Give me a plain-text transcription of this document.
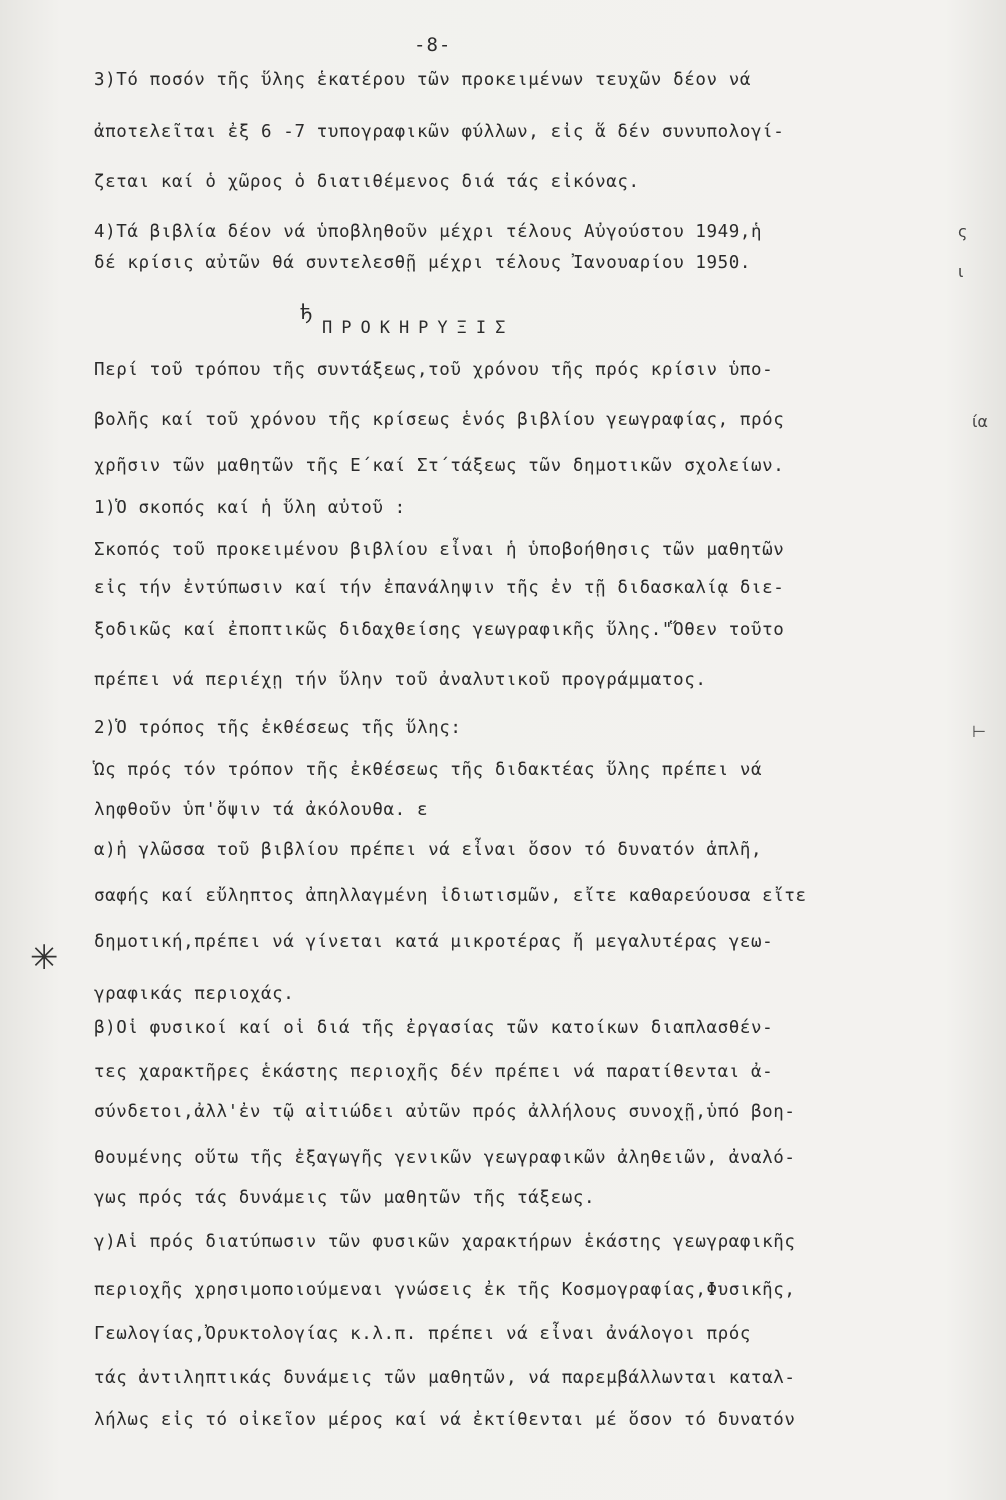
-8-
3)Τό ποσόν τῆς ὕλης ἑκατέρου τῶν προκειμένων τευχῶν δέον νά
ἀποτελεῖται ἐξ 6 -7 τυπογραφικῶν φύλλων, εἰς ἅ δέν συνυπολογί-
ζεται καί ὁ χῶρος ὁ διατιθέμενος διά τάς εἰκόνας.
4)Τά βιβλία δέον νά ὑποβληθοῦν μέχρι τέλους Αὐγούστου 1949,ἡ
δέ κρίσις αὐτῶν θά συντελεσθῇ μέχρι τέλους Ἰανουαρίου 1950.
ђ
ΠΡΟΚΗΡΥΞΙΣ
Περί τοῦ τρόπου τῆς συντάξεως,τοῦ χρόνου τῆς πρός κρίσιν ὑπο-
βολῆς καί τοῦ χρόνου τῆς κρίσεως ἑνός βιβλίου γεωγραφίας, πρός
χρῆσιν τῶν μαθητῶν τῆς Ε΄καί Στ΄τάξεως τῶν δημοτικῶν σχολείων.
1)Ὁ σκοπός καί ἡ ὕλη αὐτοῦ :
Σκοπός τοῦ προκειμένου βιβλίου εἶναι ἡ ὑποβοήθησις τῶν μαθητῶν
εἰς τήν ἐντύπωσιν καί τήν ἐπανάληψιν τῆς ἐν τῇ διδασκαλίᾳ διε-
ξοδικῶς καί ἐποπτικῶς διδαχθείσης γεωγραφικῆς ὕλης."Ὅθεν τοῦτο
πρέπει νά περιέχῃ τήν ὕλην τοῦ ἀναλυτικοῦ προγράμματος.
2)Ὁ τρόπος τῆς ἐκθέσεως τῆς ὕλης:
Ὡς πρός τόν τρόπον τῆς ἐκθέσεως τῆς διδακτέας ὕλης πρέπει νά
ληφθοῦν ὑπ'ὄψιν τά ἀκόλουθα. ε
α)ἡ γλῶσσα τοῦ βιβλίου πρέπει νά εἶναι ὅσον τό δυνατόν ἁπλῆ,
σαφής καί εὔληπτος ἀπηλλαγμένη ἰδιωτισμῶν, εἴτε καθαρεύουσα εἴτε
δημοτική,πρέπει νά γίνεται κατά μικροτέρας ἤ μεγαλυτέρας γεω-
γραφικάς περιοχάς.
β)Οἱ φυσικοί καί οἱ διά τῆς ἐργασίας τῶν κατοίκων διαπλασθέν-
τες χαρακτῆρες ἑκάστης περιοχῆς δέν πρέπει νά παρατίθενται ἀ-
σύνδετοι,ἀλλ'ἐν τῷ αἰτιώδει αὐτῶν πρός ἀλλήλους συνοχῇ,ὑπό βοη-
θουμένης οὕτω τῆς ἐξαγωγῆς γενικῶν γεωγραφικῶν ἀληθειῶν, ἀναλό-
γως πρός τάς δυνάμεις τῶν μαθητῶν τῆς τάξεως.
γ)Αἱ πρός διατύπωσιν τῶν φυσικῶν χαρακτήρων ἑκάστης γεωγραφικῆς
περιοχῆς χρησιμοποιούμεναι γνώσεις ἐκ τῆς Κοσμογραφίας,Φυσικῆς,
Γεωλογίας,Ὀρυκτολογίας κ.λ.π. πρέπει νά εἶναι ἀνάλογοι πρός
τάς ἀντιληπτικάς δυνάμεις τῶν μαθητῶν, νά παρεμβάλλωνται καταλ-
λήλως εἰς τό οἰκεῖον μέρος καί νά ἐκτίθενται μέ ὅσον τό δυνατόν
ς
ι
ία
⊢
✳
